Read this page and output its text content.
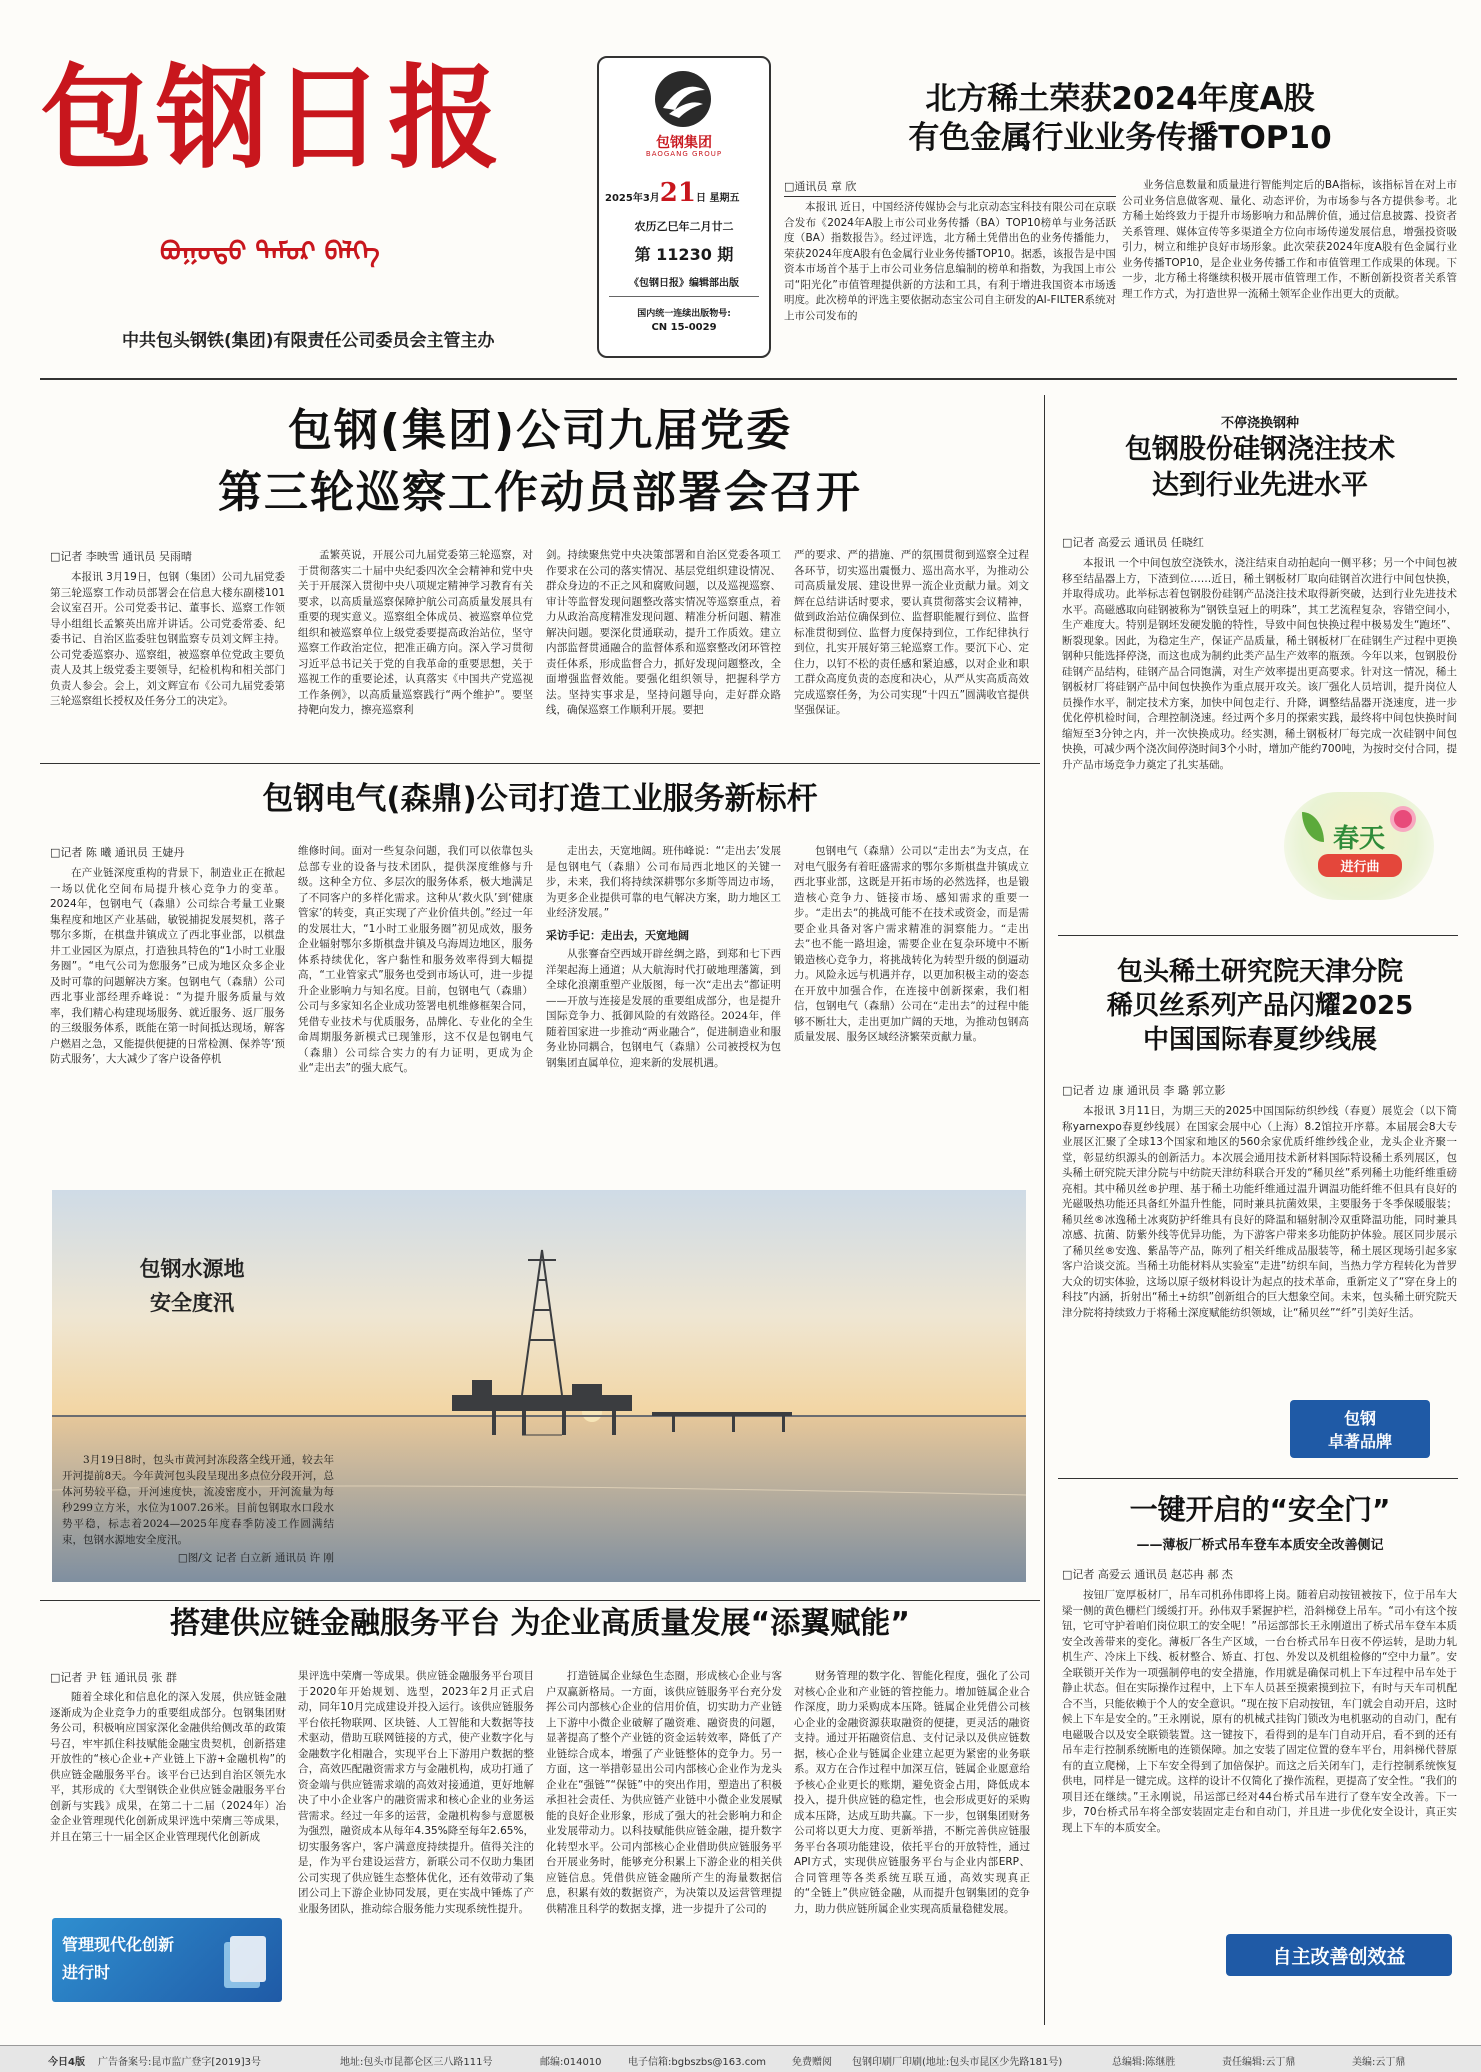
包钢日报
ᠪᠤᠭᠤᠲᠤ ᠲᠡᠮᠦᠷ ᠪᠡᠯᠭᠡ
中共包头钢铁(集团)有限责任公司委员会主管主办
包钢集团
BAOGANG GROUP
2025年3月21日 星期五
农历乙巳年二月廿二
第 11230 期
《包钢日报》编辑部出版
国内统一连续出版物号:
CN 15-0029
北方稀土荣获2024年度A股
有色金属行业业务传播TOP10
□通讯员 章 欣

本报讯 近日，中国经济传媒协会与北京动态宝科技有限公司在京联合发布《2024年A股上市公司业务传播（BA）TOP10榜单与业务活跃度（BA）指数报告》。经过评选，北方稀土凭借出色的业务传播能力，荣获2024年度A股有色金属行业业务传播TOP10。据悉，该报告是中国资本市场首个基于上市公司业务信息编制的榜单和指数，为我国上市公司“阳光化”市值管理提供新的方法和工具，有利于增进我国资本市场透明度。此次榜单的评选主要依据动态宝公司自主研发的AI-FILTER系统对上市公司发布的

业务信息数量和质量进行智能判定后的BA指标，该指标旨在对上市公司业务信息做客观、量化、动态评价，为市场参与各方提供参考。北方稀土始终致力于提升市场影响力和品牌价值，通过信息披露、投资者关系管理、媒体宣传等多渠道全方位向市场传递发展信息，增强投资吸引力，树立和维护良好市场形象。此次荣获2024年度A股有色金属行业业务传播TOP10，是企业业务传播工作和市值管理工作成果的体现。下一步，北方稀土将继续积极开展市值管理工作，不断创新投资者关系管理工作方式，为打造世界一流稀土领军企业作出更大的贡献。

包钢(集团)公司九届党委
第三轮巡察工作动员部署会召开
□记者 李映雪 通讯员 吴雨晴

本报讯 3月19日，包钢（集团）公司九届党委第三轮巡察工作动员部署会在信息大楼东副楼101会议室召开。公司党委书记、董事长、巡察工作领导小组组长孟繁英出席并讲话。公司党委常委、纪委书记、自治区监委驻包钢监察专员刘文辉主持。公司党委巡察办、巡察组，被巡察单位党政主要负责人及其上级党委主要领导，纪检机构和相关部门负责人参会。会上，刘文辉宣布《公司九届党委第三轮巡察组长授权及任务分工的决定》。

孟繁英说，开展公司九届党委第三轮巡察，对于贯彻落实二十届中央纪委四次全会精神和党中央关于开展深入贯彻中央八项规定精神学习教育有关要求，以高质量巡察保障护航公司高质量发展具有重要的现实意义。巡察组全体成员、被巡察单位党组织和被巡察单位上级党委要提高政治站位，坚守巡察工作政治定位，把准正确方向。深入学习贯彻习近平总书记关于党的自我革命的重要思想，关于巡视工作的重要论述，认真落实《中国共产党巡视工作条例》，以高质量巡察践行“两个维护”。要坚持靶向发力，擦亮巡察利

剑。持续聚焦党中央决策部署和自治区党委各项工作要求在公司的落实情况、基层党组织建设情况、群众身边的不正之风和腐败问题，以及巡视巡察、审计等监督发现问题整改落实情况等巡察重点，着力从政治高度精准发现问题、精准分析问题、精准解决问题。要深化贯通联动，提升工作质效。建立内部监督贯通融合的监督体系和巡察整改闭环管控责任体系，形成监督合力，抓好发现问题整改，全面增强监督效能。要强化组织领导，把握科学方法。坚持实事求是，坚持问题导向，走好群众路线，确保巡察工作顺利开展。要把

严的要求、严的措施、严的氛围贯彻到巡察全过程各环节，切实巡出震慑力、巡出高水平，为推动公司高质量发展、建设世界一流企业贡献力量。刘文辉在总结讲话时要求，要认真贯彻落实会议精神，做到政治站位确保到位、监督职能履行到位、监督标准贯彻到位、监督力度保持到位，工作纪律执行到位，扎实开展好第三轮巡察工作。要沉下心、定住力，以钉不松的责任感和紧迫感，以对企业和职工群众高度负责的态度和决心，从严从实高质高效完成巡察任务，为公司实现“十四五”圆满收官提供坚强保证。

不停浇换钢种
包钢股份硅钢浇注技术
达到行业先进水平
□记者 高爱云 通讯员 任晓红

本报讯 一个中间包放空浇铁水，浇注结束自动拍起向一侧平移；另一个中间包被移至结晶器上方，下渣到位……近日，稀土钢板材厂取向硅钢首次进行中间包快换，并取得成功。此举标志着包钢股份硅钢产品浇注技术取得新突破，达到行业先进技术水平。高磁感取向硅钢被称为“钢铁皇冠上的明珠”，其工艺流程复杂，容错空间小，生产难度大。特别是钢坯发硬发脆的特性，导致中间包快换过程中极易发生“跑坯”、断裂现象。因此，为稳定生产，保证产品质量，稀土钢板材厂在硅钢生产过程中更换钢种只能选择停浇，而这也成为制约此类产品生产效率的瓶颈。今年以来，包钢股份硅钢产品结构，硅钢产品合同饱满，对生产效率提出更高要求。针对这一情况，稀土钢板材厂将硅钢产品中间包快换作为重点展开攻关。该厂强化人员培训，提升岗位人员操作水平，制定技术方案，加快中间包走行、升降，调整结晶器开浇速度，进一步优化停机检时间，合理控制浇速。经过两个多月的探索实践，最终将中间包快换时间缩短至3分钟之内，并一次快换成功。经实测，稀土钢板材厂每完成一次硅钢中间包快换，可减少两个浇次间停浇时间3个小时，增加产能约700吨，为按时交付合同，提升产品市场竞争力奠定了扎实基础。

春天
进行曲
包钢电气(森鼎)公司打造工业服务新标杆
□记者 陈 曦 通讯员 王婕丹

在产业链深度重构的背景下，制造业正在掀起一场以优化空间布局提升核心竞争力的变革。2024年，包钢电气（森鼎）公司综合考量工业聚集程度和地区产业基础，敏锐捕捉发展契机，落子鄂尔多斯，在棋盘井镇成立了西北事业部，以棋盘井工业园区为原点，打造独具特色的“1小时工业服务圈”。“电气公司为您服务”已成为地区众多企业及时可靠的问题解决方案。包钢电气（森鼎）公司西北事业部经理乔峰说：“为提升服务质量与效率，我们精心构建现场服务、就近服务、返厂服务的三级服务体系，既能在第一时间抵达现场，解客户燃眉之急，又能提供便捷的日常检测、保养等‘预防式服务’，大大减少了客户设备停机

维修时间。面对一些复杂问题，我们可以依靠包头总部专业的设备与技术团队，提供深度维修与升级。这种全方位、多层次的服务体系，极大地满足了不同客户的多样化需求。这种从‘救火队’到‘健康管家’的转变，真正实现了产业价值共创。”经过一年的发展壮大，“1小时工业服务圈”初见成效，服务企业辐射鄂尔多斯棋盘井镇及乌海周边地区，服务体系持续优化，客户黏性和服务效率得到大幅提高，“工业管家式”服务也受到市场认可，进一步提升企业影响力与知名度。目前，包钢电气（森鼎）公司与多家知名企业成功签署电机维修框架合同，凭借专业技术与优质服务，品牌化、专业化的全生命周期服务新模式已现雏形，这不仅是包钢电气（森鼎）公司综合实力的有力证明，更成为企业“走出去”的强大底气。

走出去，天宽地阔。班伟峰说：“‘走出去’发展是包钢电气（森鼎）公司布局西北地区的关键一步，未来，我们将持续深耕鄂尔多斯等周边市场，为更多企业提供可靠的电气解决方案，助力地区工业经济发展。”

采访手记：走出去，天宽地阔

从张謇奋空西域开辟丝绸之路，到郑和七下西洋架起海上通道；从大航海时代打破地理藩篱，到全球化浪潮重塑产业版图，每一次“走出去”都证明——开放与连接是发展的重要组成部分，也是提升国际竞争力、抵御风险的有效路径。2024年，伴随着国家进一步推动“两业融合”，促进制造业和服务业协同耦合，包钢电气（森鼎）公司被授权为包钢集团直属单位，迎来新的发展机遇。

包钢电气（森鼎）公司以“走出去”为支点，在对电气服务有着旺盛需求的鄂尔多斯棋盘井镇成立西北事业部，这既是开拓市场的必然选择，也是锻造核心竞争力、链接市场、感知需求的重要一步。“走出去”的挑战可能不在技术或资金，而是需要企业具备对客户需求精准的洞察能力。“走出去”也不能一路坦途，需要企业在复杂环境中不断锻造核心竞争力，将挑战转化为转型升级的倒逼动力。风险永远与机遇并存，以更加积极主动的姿态在开放中加强合作，在连接中创新探索，我们相信，包钢电气（森鼎）公司在“走出去”的过程中能够不断壮大，走出更加广阔的天地，为推动包钢高质量发展、服务区域经济繁荣贡献力量。

包钢水源地
安全度汛
3月19日8时，包头市黄河封冻段落全线开通，较去年开河提前8天。今年黄河包头段呈现出多点位分段开河，总体河势较平稳，开河速度快，流凌密度小，开河流量为每秒299立方米，水位为1007.26米。目前包钢取水口段水势平稳，标志着2024—2025年度春季防凌工作圆满结束，包钢水源地安全度汛。
□图/文 记者 白立新 通讯员 许 刚
包头稀土研究院天津分院
稀贝丝系列产品闪耀2025
中国国际春夏纱线展
□记者 边 康 通讯员 李 璐 郭立影

本报讯 3月11日，为期三天的2025中国国际纺织纱线（春夏）展览会（以下简称yarnexpo春夏纱线展）在国家会展中心（上海）8.2馆拉开序幕。本届展会8大专业展区汇聚了全球13个国家和地区的560余家优质纤维纱线企业，龙头企业齐聚一堂，彰显纺织源头的创新活力。本次展会通用技术新材料国际特设稀土系列展区，包头稀土研究院天津分院与中纺院天津纺科联合开发的“稀贝丝”系列稀土功能纤维重磅亮相。其中稀贝丝®护理、基于稀土功能纤维通过温升调温功能纤维不但具有良好的光磁吸热功能还具备红外温升性能，同时兼具抗菌效果，主要服务于冬季保暖服装；稀贝丝®冰逸稀土冰爽防护纤维具有良好的降温和辐射制冷双重降温功能，同时兼具凉感、抗菌、防紫外线等优异功能，为下游客户带来多功能防护体验。展区同步展示了稀贝丝®安逸、紫晶等产品，陈列了相关纤维成品服装等，稀土展区现场引起多家客户洽谈交流。当稀土功能材料从实验室“走进”纺织车间，当热力学方程转化为普罗大众的切实体验，这场以原子级材料设计为起点的技术革命，重新定义了“穿在身上的科技”内涵，折射出“稀土+纺织”创新组合的巨大想象空间。未来，包头稀土研究院天津分院将持续致力于将稀土深度赋能纺织领域，让“稀贝丝”“纤”引美好生活。

包钢
卓著品牌
一键开启的“安全门”
——薄板厂桥式吊车登车本质安全改善侧记
□记者 高爱云 通讯员 赵芯冉 郝 杰

按钮厂宽厚板材厂，吊车司机孙伟即将上岗。随着启动按钮被按下，位于吊车大梁一侧的黄色栅栏门缓缓打开。孙伟双手紧握护栏，沿斜梯登上吊车。“司小有这个按钮，它可守护着咱们岗位职工的安全呢！”吊运部部长王永刚道出了桥式吊车登车本质安全改善带来的变化。薄板厂各生产区域，一台台桥式吊车日夜不停运转，是助力轧机生产、冷床上下线、板材整合、矫直、打包、外发以及机组检修的“空中力量”。安全联锁开关作为一项强制停电的安全措施，作用就是确保司机上下车过程中吊车处于静止状态。但在实际操作过程中，上下车人员甚至摸索摸到拉下，有时与天车司机配合不当，只能依赖于个人的安全意识。“现在按下启动按钮，车门就会自动开启，这时候上下车是安全的。”王永刚说，原有的机械式挂钩门锁改为电机驱动的自动门，配有电磁吸合以及安全联锁装置。这一键按下，看得到的是车门自动开启，看不到的还有吊车走行控制系统断电的连锁保障。加之安装了固定位置的登车平台，用斜梯代替原有的直立爬梯，上下车安全得到了加倍保护。而这之后关闭车门，走行控制系统恢复供电，同样是一键完成。这样的设计不仅简化了操作流程，更提高了安全性。“我们的项目还在继续。”王永刚说，吊运部已经对44台桥式吊车进行了登车安全改善。下一步，70台桥式吊车将全部安装固定走台和自动门，并且进一步优化安全设计，真正实现上下车的本质安全。

自主改善创效益
搭建供应链金融服务平台 为企业高质量发展“添翼赋能”
□记者 尹 钰 通讯员 张 群

随着全球化和信息化的深入发展，供应链金融逐渐成为企业竞争力的重要组成部分。包钢集团财务公司，积极响应国家深化金融供给侧改革的政策号召，牢牢抓住科技赋能金融宝贵契机，创新搭建开放性的“核心企业+产业链上下游+金融机构”的供应链金融服务平台。该平台已达到自治区领先水平，其形成的《大型钢铁企业供应链金融服务平台创新与实践》成果，在第二十二届（2024年）冶金企业管理现代化创新成果评选中荣膺三等成果，并且在第三十一届全区企业管理现代化创新成

果评选中荣膺一等成果。供应链金融服务平台项目于2020年开始规划、选型，2023年2月正式启动，同年10月完成建设并投入运行。该供应链服务平台依托物联网、区块链、人工智能和大数据等技术驱动，借助互联网链接的方式，使产业数字化与金融数字化相融合，实现平台上下游用户数据的整合，高效匹配融资需求方与金融机构，成功打通了资金端与供应链需求端的高效对接通道，更好地解决了中小企业客户的融资需求和核心企业的业务运营需求。经过一年多的运营，金融机构参与意愿极为强烈，融资成本从每年4.35%降至每年2.65%，切实服务客户，客户满意度持续提升。值得关注的是，作为平台建设运营方，新联公司不仅助力集团公司实现了供应链生态整体优化，还有效带动了集团公司上下游企业协同发展，更在实战中锤炼了产业服务团队，推动综合服务能力实现系统性提升。

打造链属企业绿色生态圈，形成核心企业与客户双赢新格局。一方面，该供应链服务平台充分发挥公司内部核心企业的信用价值，切实助力产业链上下游中小微企业破解了融资难、融资贵的问题，显著提高了整个产业链的资金运转效率，降低了产业链综合成本，增强了产业链整体的竞争力。另一方面，这一举措彰显出公司内部核心企业作为龙头企业在“强链”“保链”中的突出作用，塑造出了积极承担社会责任、为供应链产业链中小微企业发展赋能的良好企业形象，形成了强大的社会影响力和企业发展带动力。以科技赋能供应链金融，提升数字化转型水平。公司内部核心企业借助供应链服务平台开展业务时，能够充分积累上下游企业的相关供应链信息。凭借供应链金融所产生的海量数据信息，积累有效的数据资产，为决策以及运营管理提供精准且科学的数据支撑，进一步提升了公司的

财务管理的数字化、智能化程度，强化了公司对核心企业和产业链的管控能力。增加链属企业合作深度，助力采购成本压降。链属企业凭借公司核心企业的金融资源获取融资的便捷，更灵活的融资支持。通过开拓融资信息、支付记录以及供应链数据，核心企业与链属企业建立起更为紧密的业务联系。双方在合作过程中加深互信，链属企业愿意给予核心企业更长的账期，避免资金占用，降低成本投入，提升供应链的稳定性，也会形成更好的采购成本压降，达成互助共赢。下一步，包钢集团财务公司将以更大力度、更新举措，不断完善供应链服务平台各项功能建设，依托平台的开放特性，通过API方式，实现供应链服务平台与企业内部ERP、合同管理等各类系统互联互通，高效实现真正的“全链上”供应链金融，从而提升包钢集团的竞争力，助力供应链所属企业实现高质量稳健发展。

管理现代化创新
进行时
今日4版 广告备案号:昆市监广登字[2019]3号	地址:包头市昆都仑区三八路111号	邮编:014010	电子信箱:bgbszbs@163.com	免费赠阅 包钢印刷厂印刷(地址:包头市昆区少先路181号)	总编辑:陈继胜	责任编辑:云丁鼎	美编:云丁鼎
